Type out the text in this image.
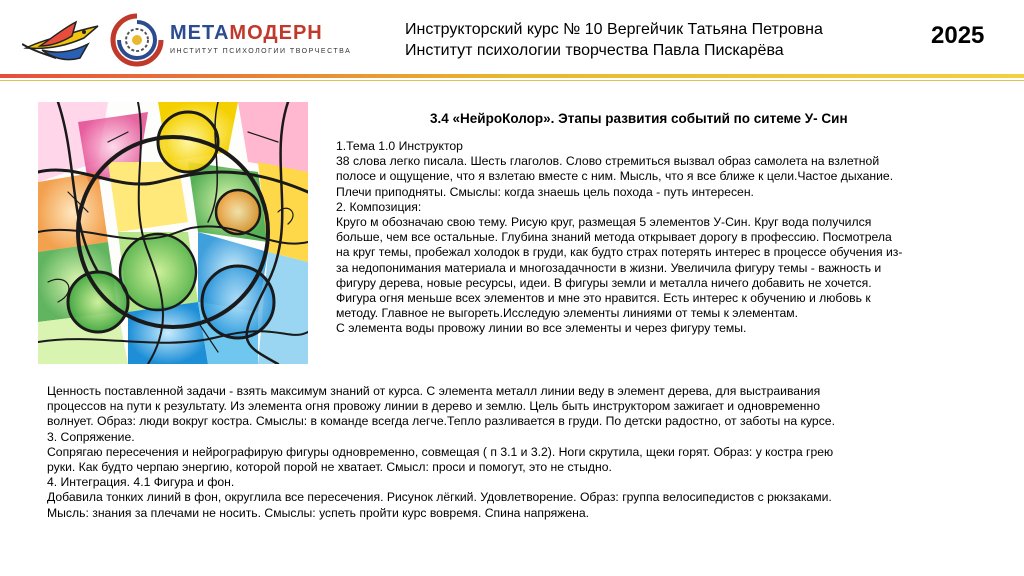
МЕТАМОДЕРН
ИНСТИТУТ ПСИХОЛОГИИ ТВОРЧЕСТВА
Инструкторский курс № 10 Вергейчик Татьяна Петровна
Институт психологии творчества Павла Пискарёва
2025
3.4 «НейроКолор». Этапы развития событий по ситеме У- Син

1.Тема 1.0 Инструктор

38 слова легко писала. Шесть глаголов. Слово стремиться вызвал образ самолета на взлетной

полосе и ощущение, что я взлетаю вместе с ним. Мысль, что я все ближе к цели.Частое дыхание.

Плечи приподняты. Смыслы: когда знаешь цель похода - путь интересен.

2. Композиция:

Круго м обозначаю свою тему. Рисую круг, размещая 5 элементов У-Син. Круг вода получился

больше, чем все остальные. Глубина знаний метода открывает дорогу в профессию. Посмотрела

на круг темы, пробежал холодок в груди, как будто страх потерять интерес в процессе обучения из-

за недопонимания материала и многозадачности в жизни. Увеличила фигуру темы - важность и

фигуру дерева, новые ресурсы, идеи. В фигуры земли и металла ничего добавить не хочется.

Фигура огня меньше всех элементов и мне это нравится. Есть интерес к обучению и любовь к

методу. Главное не выгореть.Исследую элементы линиями от темы к элементам.

С элемента воды провожу линии во все элементы и через фигуру темы.

Ценность поставленной задачи - взять максимум знаний от курса. С элемента металл линии веду в элемент дерева, для выстраивания

процессов на пути к результату. Из элемента огня провожу линии в дерево и землю. Цель быть инструктором зажигает и одновременно

волнует. Образ: люди вокруг костра. Смыслы: в команде всегда легче.Тепло разливается в груди. По детски радостно, от заботы на курсе.

3. Сопряжение.

Сопрягаю пересечения и нейрографирую фигуры одновременно, совмещая ( п 3.1 и 3.2). Ноги скрутила, щеки горят. Образ: у костра грею

руки. Как будто черпаю энергию, которой порой не хватает. Смысл: проси и помогут, это не стыдно.

4. Интеграция. 4.1 Фигура и фон.

Добавила тонких линий в фон, округлила все пересечения. Рисунок лёгкий. Удовлетворение. Образ: группа велосипедистов с рюкзаками.

Мысль: знания за плечами не носить. Смыслы: успеть пройти курс вовремя. Спина напряжена.
